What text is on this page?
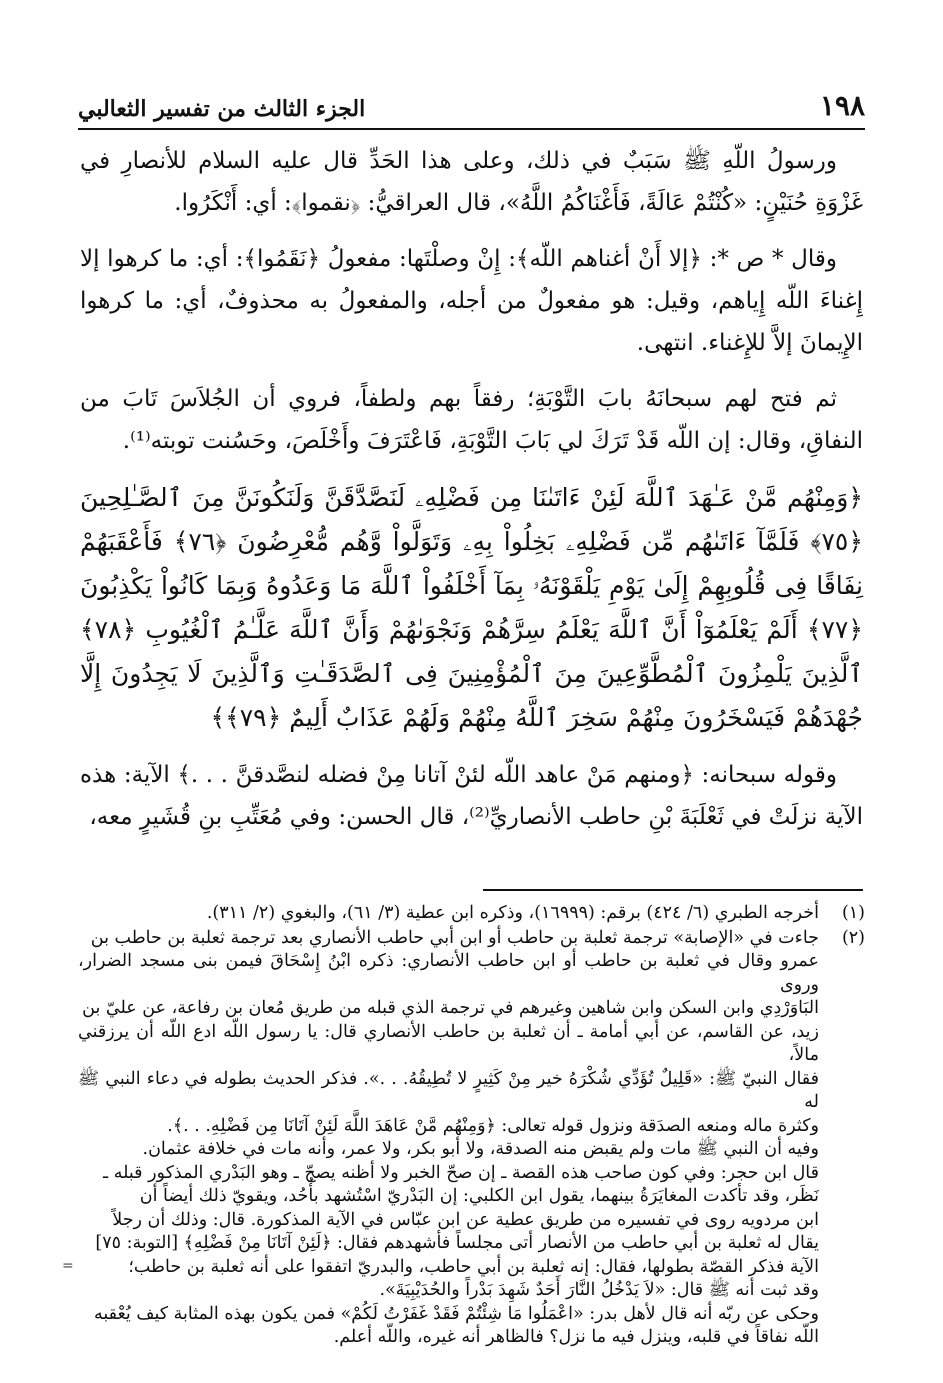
١٩٨
الجزء الثالث من تفسير الثعالبي

ورسولُ اللّهِ ﷺ سَبَبٌ في ذلك، وعلى هذا الحَدِّ قال عليه السلام للأنصارِ في غَزْوَةِ حُنَيْنٍ: «كُنْتُمْ عَالَةً، فَأَغْنَاكُمُ اللَّهُ»، قال العراقيُّ: ﴿نقموا﴾: أي: أَنْكَرُوا.

وقال * ص *: ﴿إلا أَنْ أغناهم اللّه﴾: إِنْ وصلْتَها: مفعولُ ﴿نَقَمُوا﴾: أي: ما كرهوا إلا إِغناءَ اللّه إِياهم، وقيل: هو مفعولٌ من أجله، والمفعولُ به محذوفٌ، أي: ما كرهوا الإِيمانَ إلاَّ للإِغناء. انتهى.

ثم فتح لهم سبحانَهُ بابَ التَّوْبَةِ؛ رفقاً بهم ولطفاً، فروي أن الجُلاَسَ تَابَ من النفاقِ، وقال: إن اللّه قَدْ تَرَكَ لي بَابَ التَّوْبَةِ، فَاعْتَرَفَ وأَخْلَصَ، وحَسُنت توبته⁽¹⁾.

﴿وَمِنْهُم مَّنْ عَـٰهَدَ ٱللَّهَ لَئِنْ ءَاتَىٰنَا مِن فَضْلِهِۦ لَنَصَّدَّقَنَّ وَلَنَكُونَنَّ مِنَ ٱلصَّـٰلِحِينَ ﴿٧٥﴾ فَلَمَّآ ءَاتَىٰهُم مِّن فَضْلِهِۦ بَخِلُواْ بِهِۦ وَتَوَلَّواْ وَّهُم مُّعْرِضُونَ ﴿٧٦﴾ فَأَعْقَبَهُمْ نِفَاقًا فِى قُلُوبِهِمْ إِلَىٰ يَوْمِ يَلْقَوْنَهُۥ بِمَآ أَخْلَفُواْ ٱللَّهَ مَا وَعَدُوهُ وَبِمَا كَانُواْ يَكْذِبُونَ ﴿٧٧﴾ أَلَمْ يَعْلَمُوٓاْ أَنَّ ٱللَّهَ يَعْلَمُ سِرَّهُمْ وَنَجْوَىٰهُمْ وَأَنَّ ٱللَّهَ عَلَّـٰمُ ٱلْغُيُوبِ ﴿٧٨﴾ ٱلَّذِينَ يَلْمِزُونَ ٱلْمُطَّوِّعِينَ مِنَ ٱلْمُؤْمِنِينَ فِى ٱلصَّدَقَـٰتِ وَٱلَّذِينَ لَا يَجِدُونَ إِلَّا جُهْدَهُمْ فَيَسْخَرُونَ مِنْهُمْ سَخِرَ ٱللَّهُ مِنْهُمْ وَلَهُمْ عَذَابٌ أَلِيمٌ ﴿٧٩﴾﴾

وقوله سبحانه: ﴿ومنهم مَنْ عاهد اللّه لئنْ آتانا مِنْ فضله لنصَّدقنَّ . . .﴾ الآية: هذه الآية نزلَتْ في ثَعْلَبَةَ بْنِ حاطب الأنصاريِّ⁽²⁾، قال الحسن: وفي مُعَتِّبِ بنِ قُشَيرٍ معه،

(١)
أخرجه الطبري (٦/ ٤٢٤) برقم: (١٦٩٩٩)، وذكره ابن عطية (٣/ ٦١)، والبغوي (٢/ ٣١١).
(٢)
جاءت في «الإصابة» ترجمة ثعلبة بن حاطب أو ابن أبي حاطب الأنصاري بعد ترجمة ثعلبة بن حاطب بن
عمرو وقال في ثعلبة بن حاطب أو ابن حاطب الأنصاري: ذكره ابْنُ إِسْحَاقَ فيمن بنى مسجد الضرار، وروى
البَاوَرْدِي وابن السكن وابن شاهين وغيرهم في ترجمة الذي قبله من طريق مُعان بن رفاعة، عن عليّ بن
زيد، عن القاسم، عن أبي أمامة ـ أن ثعلبة بن حاطب الأنصاري قال: يا رسول اللّه ادع اللّه أن يرزقني مالاً،
فقال النبيّ ﷺ: «قَلِيلٌ تُؤَدِّي شُكْرَهُ خير مِنْ كَثِيرٍ لا تُطِيقُهُ. . .». فذكر الحديث بطوله في دعاء النبي ﷺ له
وكثرة ماله ومنعه الصدَقة ونزول قوله تعالى: ﴿وَمِنْهُم مَّنْ عَاهَدَ اللَّهَ لَئِنْ آتَانَا مِن فَضْلِهِ. . .﴾.
وفيه أن النبي ﷺ مات ولم يقبض منه الصدقة، ولا أبو بكر، ولا عمر، وأنه مات في خلافة عثمان.
قال ابن حجر: وفي كون صاحب هذه القصة ـ إن صحّ الخبر ولا أظنه يصحّ ـ وهو البَدْري المذكور قبله ـ
نَظَر، وقد تأكدت المغايَرَةُ بينهما، يقول ابن الكلبي: إن البَدْريّ اسْتُشهد بأُحُد، ويقويّ ذلك أيضاً أن
ابن مردويه روى في تفسيره من طريق عطية عن ابن عبّاس في الآية المذكورة. قال: وذلك أن رجلاً
يقال له ثعلبة بن أبي حاطب من الأنصار أتى مجلساً فأشهدهم فقال: ﴿لَئِنْ آتَانَا مِنْ فَضْلِهِ﴾ [التوبة: ٧٥]
الآية فذكر القصّة بطولها، فقال: إنه ثعلبة بن أبي حاطب، والبدريّ اتفقوا على أنه ثعلبة بن حاطب؛
وقد ثبت أنه ﷺ قال: «لاَ يَدْخُلُ النَّارَ أَحَدٌ شَهِدَ بَدْراً والحُدَيْبِيَةَ».
وحكى عن ربّه أنه قال لأهل بدر: «اعْمَلُوا مَا شِئْتُمْ فَقَدْ غَفَرْتُ لَكُمْ» فمن يكون بهذه المثابة كيف يُعْقبه
اللّه نفاقاً في قلبه، وينزل فيه ما نزل؟ فالظاهر أنه غيره، واللّه أعلم.
=
